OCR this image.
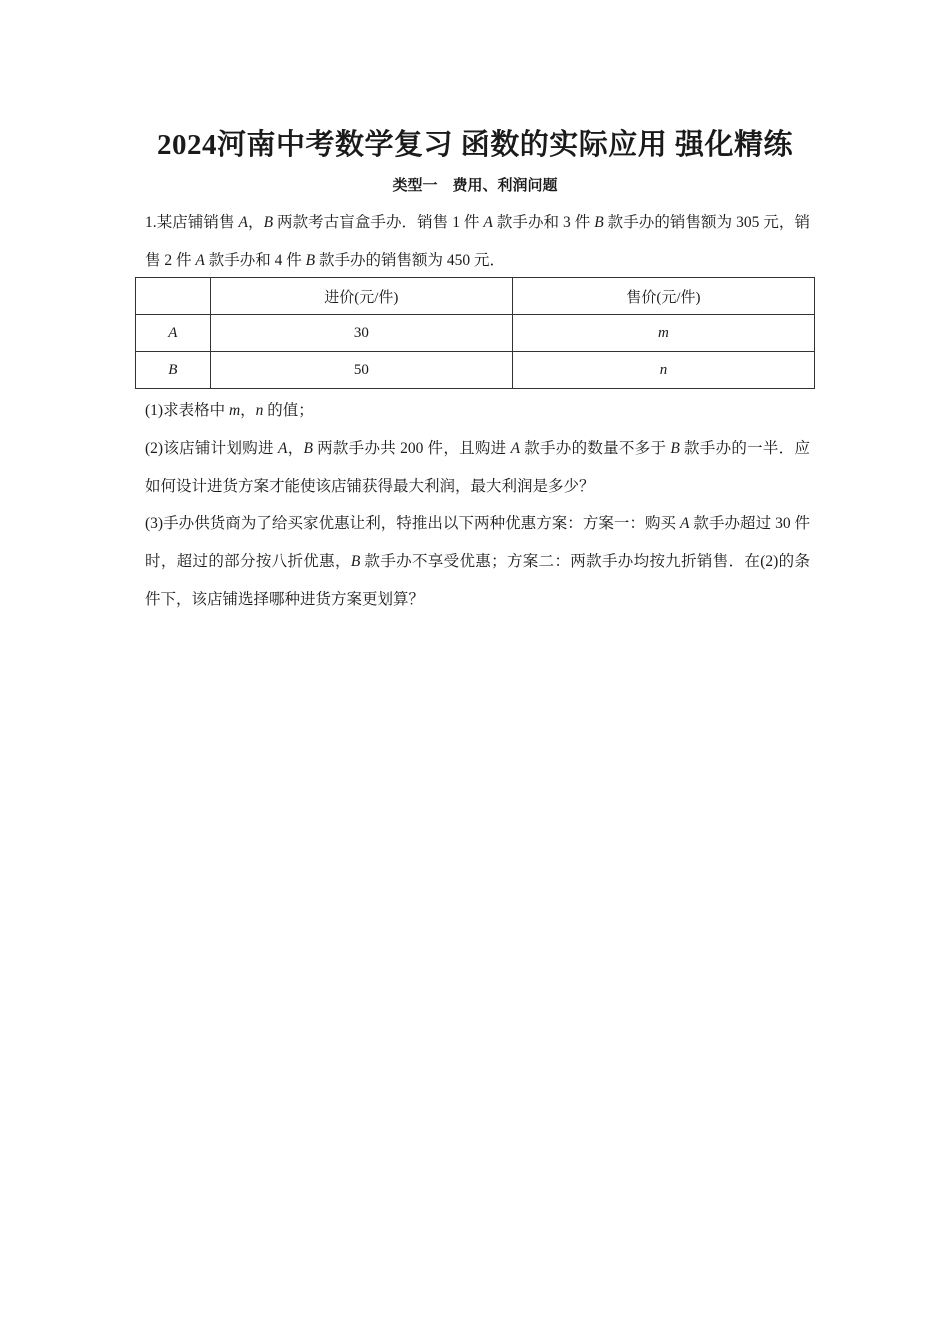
2024河南中考数学复习 函数的实际应用 强化精练
类型一　费用、利润问题
1.某店铺销售 A，B 两款考古盲盒手办．销售 1 件 A 款手办和 3 件 B 款手办的销售额为 305 元，销售 2 件 A 款手办和 4 件 B 款手办的销售额为 450 元．
	进价(元/件)	售价(元/件)
A	30	m
B	50	n
(1)求表格中 m，n 的值；
(2)该店铺计划购进 A，B 两款手办共 200 件，且购进 A 款手办的数量不多于 B 款手办的一半．应如何设计进货方案才能使该店铺获得最大利润，最大利润是多少？
(3)手办供货商为了给买家优惠让利，特推出以下两种优惠方案：方案一：购买 A 款手办超过 30 件时，超过的部分按八折优惠，B 款手办不享受优惠；方案二：两款手办均按九折销售．在(2)的条件下，该店铺选择哪种进货方案更划算？
